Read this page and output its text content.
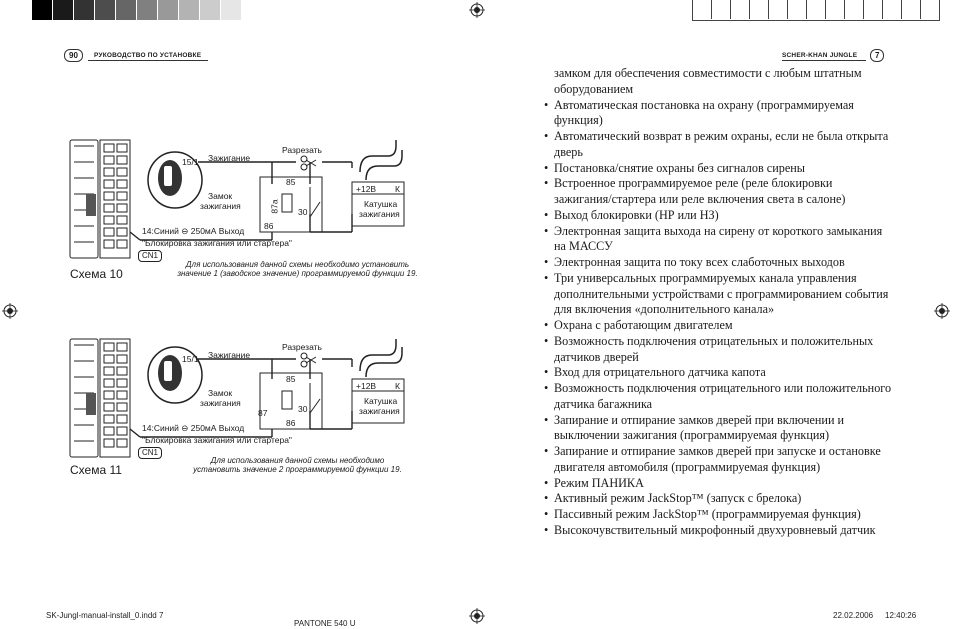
90	РУКОВОДСТВО ПО УСТАНОВКЕ	SCHER-KHAN JUNGLE	7
Зажигание
15/1
Замок
зажигания
Разрезать
85
87a
86
30
+12В К
Катушка
зажигания
14:Синий ⊖ 250мА Выход
"Блокировка зажигания или стартера"
CN1
Схема 10
Для использования данной схемы необходимо установить
значение 1 (заводское значение) программируемой функции 19.
Зажигание
15/1
Замок
зажигания
Разрезать
85
87
86
30
+12В К
Катушка
зажигания
14:Синий ⊖ 250мА Выход
"Блокировка зажигания или стартера"
CN1
Схема 11
Для использования данной схемы необходимо
установить значение 2 программируемой функции 19.
замком для обеспечения совместимости с любым штатным
оборудованием
• Автоматическая постановка на охрану (программируемая функция)
• Автоматический возврат в режим охраны, если не была открыта дверь
• Постановка/снятие охраны без сигналов сирены
• Встроенное программируемое реле (реле блокировки зажигания/стартера или реле включения света в салоне)
• Выход блокировки (НР или НЗ)
• Электронная защита выхода на сирену от короткого замыкания на МАССУ
• Электронная защита по току всех слаботочных выходов
• Три универсальных программируемых канала управления дополнительными устройствами с программированием события для включения «дополнительного канала»
• Охрана с работающим двигателем
• Возможность подключения отрицательных и положительных датчиков дверей
• Вход для отрицательного датчика капота
• Возможность подключения отрицательного или положительного датчика багажника
• Запирание и отпирание замков дверей при включении и выключении зажигания (программируемая функция)
• Запирание и отпирание замков дверей при запуске и остановке двигателя автомобиля (программируемая функция)
• Режим ПАНИКА
• Активный режим JackStop™ (запуск с брелока)
• Пассивный режим JackStop™ (программируемая функция)
• Высокочувствительный микрофонный двухуровневый датчик
SK-Jungl-manual-install_0.indd 7
PANTONE 540 U
22.02.2006 12:40:26
